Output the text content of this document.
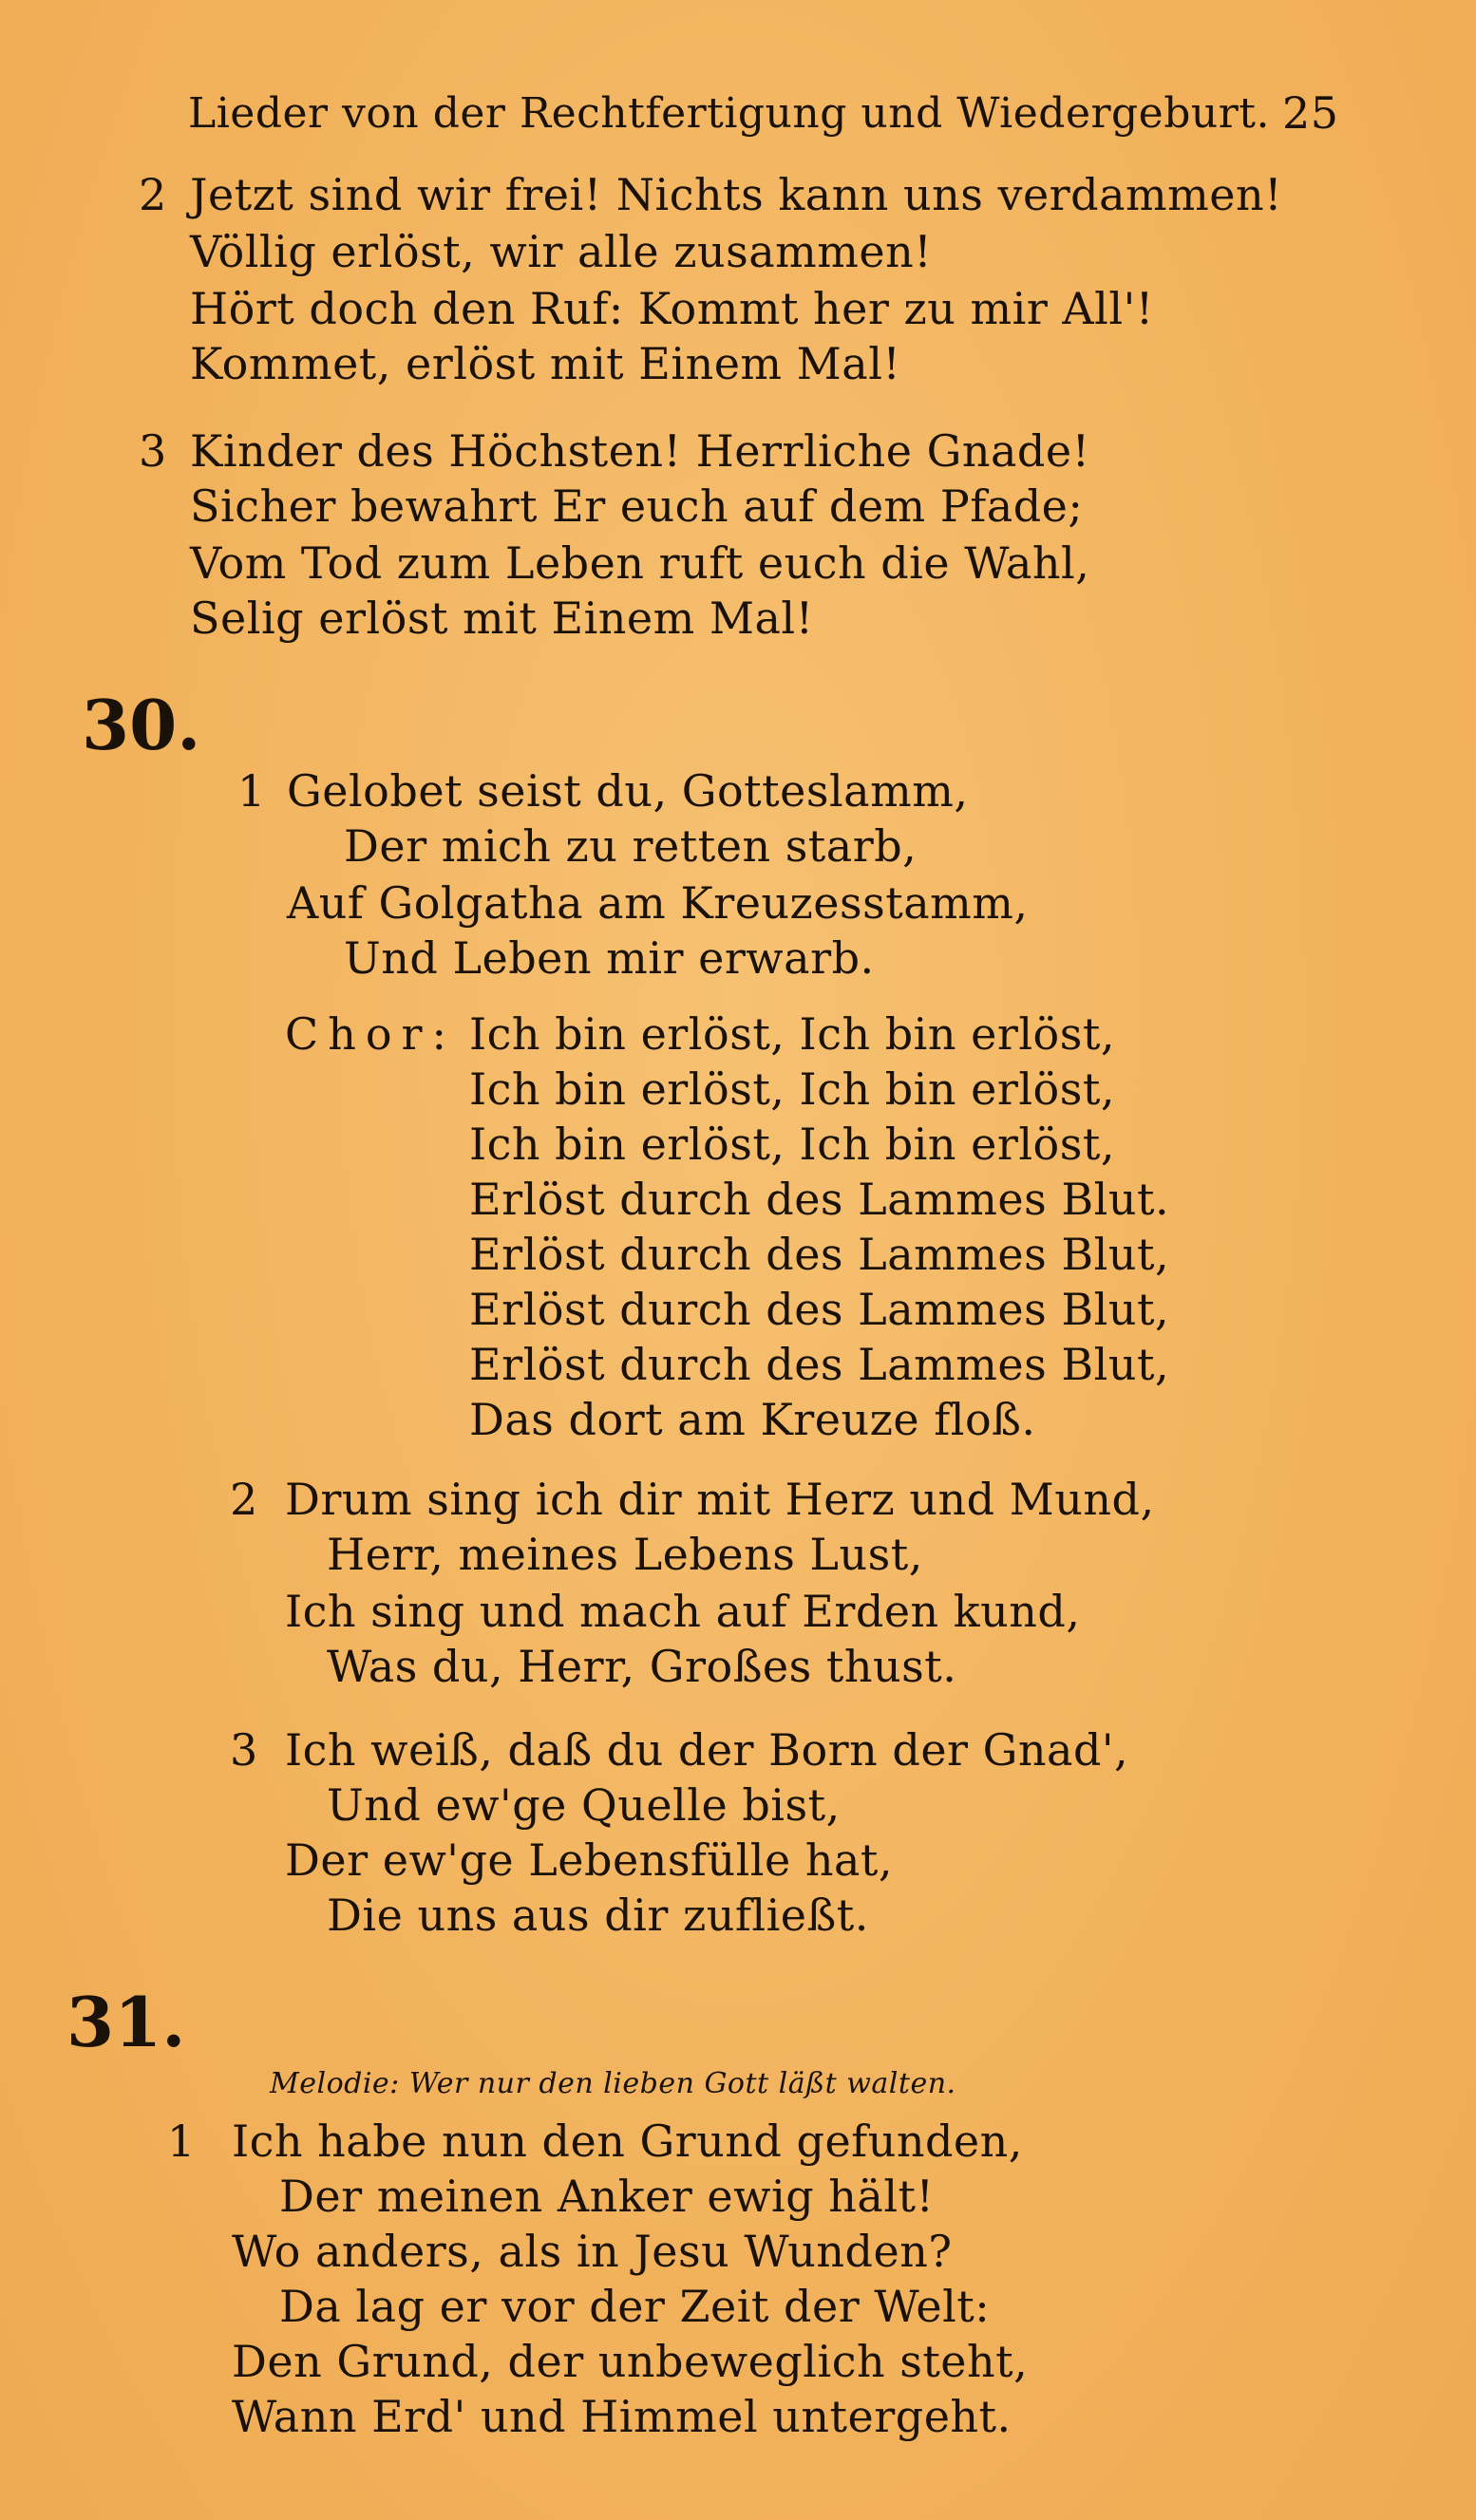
Lieder von der Rechtfertigung und Wiedergeburt. 25
2 Jetzt sind wir frei! Nichts kann uns verdammen!
Völlig erlöst, wir alle zusammen!
Hört doch den Ruf: Kommt her zu mir All'!
Kommet, erlöst mit Einem Mal!
3 Kinder des Höchsten! Herrliche Gnade!
Sicher bewahrt Er euch auf dem Pfade;
Vom Tod zum Leben ruft euch die Wahl,
Selig erlöst mit Einem Mal!
30.
1 Gelobet seist du, Gotteslamm,
Der mich zu retten starb,
Auf Golgatha am Kreuzesstamm,
Und Leben mir erwarb.
Chor: Ich bin erlöst, Ich bin erlöst,
Ich bin erlöst, Ich bin erlöst,
Ich bin erlöst, Ich bin erlöst,
Erlöst durch des Lammes Blut.
Erlöst durch des Lammes Blut,
Erlöst durch des Lammes Blut,
Erlöst durch des Lammes Blut,
Das dort am Kreuze floß.
2 Drum sing ich dir mit Herz und Mund,
Herr, meines Lebens Lust,
Ich sing und mach auf Erden kund,
Was du, Herr, Großes thust.
3 Ich weiß, daß du der Born der Gnad',
Und ew'ge Quelle bist,
Der ew'ge Lebensfülle hat,
Die uns aus dir zufließt.
31.
Melodie: Wer nur den lieben Gott läßt walten.
1 Ich habe nun den Grund gefunden,
Der meinen Anker ewig hält!
Wo anders, als in Jesu Wunden?
Da lag er vor der Zeit der Welt:
Den Grund, der unbeweglich steht,
Wann Erd' und Himmel untergeht.
